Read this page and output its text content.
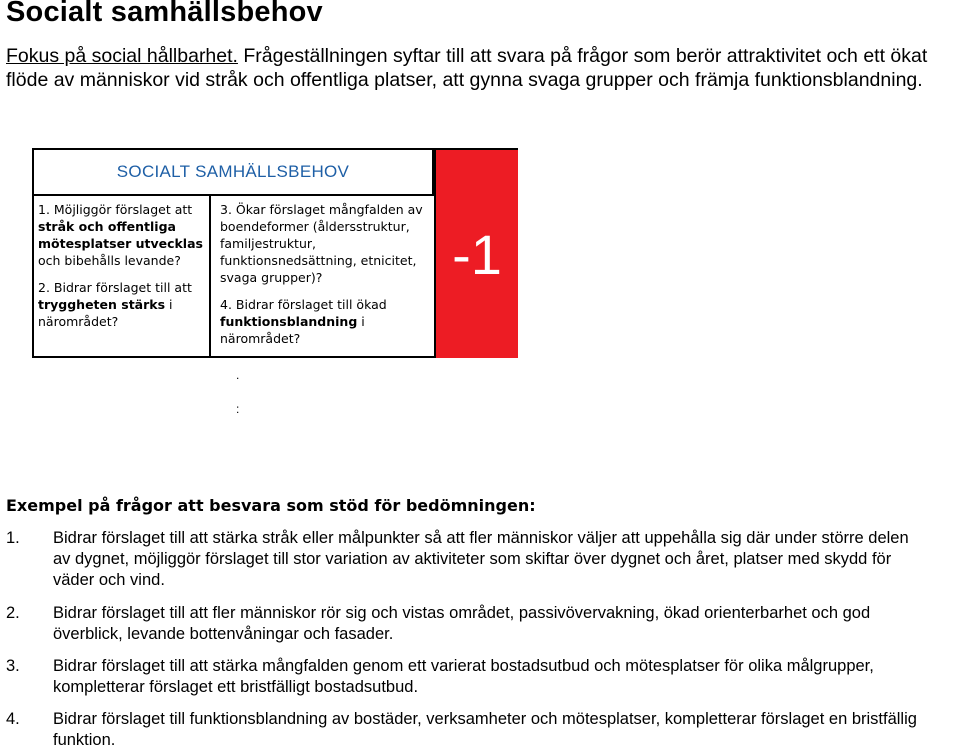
Socialt samhällsbehov

Fokus på social hållbarhet. Frågeställningen syftar till att svara på frågor som berör attraktivitet och ett ökat flöde av människor vid stråk och offentliga platser, att gynna svaga grupper och främja funktionsblandning.

SOCIALT SAMHÄLLSBEHOV
-1

1. Möjliggör förslaget att stråk och offentliga mötesplatser utvecklas och bibehålls levande?

2. Bidrar förslaget till att tryggheten stärks i närområdet?

3. Ökar förslaget mångfalden av boendeformer (åldersstruktur, familjestruktur, funktionsnedsättning, etnicitet, svaga grupper)?

4. Bidrar förslaget till ökad funktionsblandning i närområdet?

.
:

Exempel på frågor att besvara som stöd för bedömningen:

1. Bidrar förslaget till att stärka stråk eller målpunkter så att fler människor väljer att uppehålla sig där under större delen av dygnet, möjliggör förslaget till stor variation av aktiviteter som skiftar över dygnet och året, platser med skydd för väder och vind.
2. Bidrar förslaget till att fler människor rör sig och vistas området, passivövervakning, ökad orienterbarhet och god överblick, levande bottenvåningar och fasader.
3. Bidrar förslaget till att stärka mångfalden genom ett varierat bostadsutbud och mötesplatser för olika målgrupper, kompletterar förslaget ett bristfälligt bostadsutbud.
4. Bidrar förslaget till funktionsblandning av bostäder, verksamheter och mötesplatser, kompletterar förslaget en bristfällig funktion.
